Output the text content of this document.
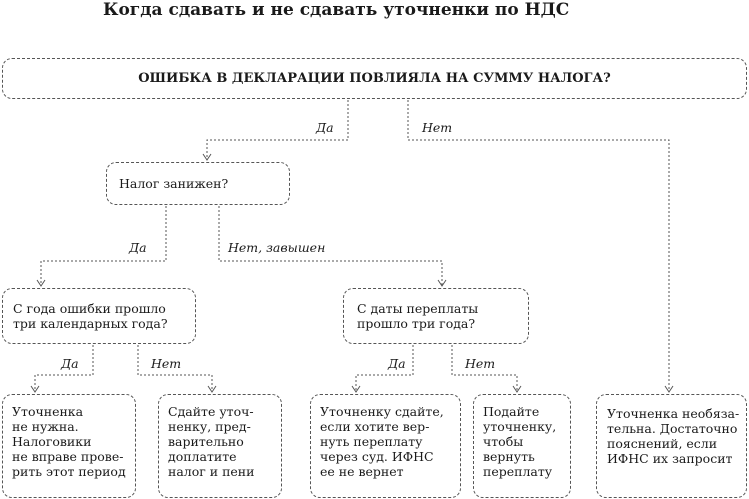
Когда сдавать и не сдавать уточненки по НДС
ОШИБКА В ДЕКЛАРАЦИИ ПОВЛИЯЛА НА СУММУ НАЛОГА?
Налог занижен?
С года ошибки прошло
три календарных года?
С даты переплаты
прошло три года?
Уточненка
не нужна.
Налоговики
не вправе прове-
рить этот период
Сдайте уточ-
ненку, пред-
варительно
доплатите
налог и пени
Уточненку сдайте,
если хотите вер-
нуть переплату
через суд. ИФНС
ее не вернет
Подайте
уточненку,
чтобы
вернуть
переплату
Уточненка необяза-
тельна. Достаточно
пояснений, если
ИФНС их запросит
Да	Нет
Да	Нет, завышен
Да	Нет	Да	Нет
